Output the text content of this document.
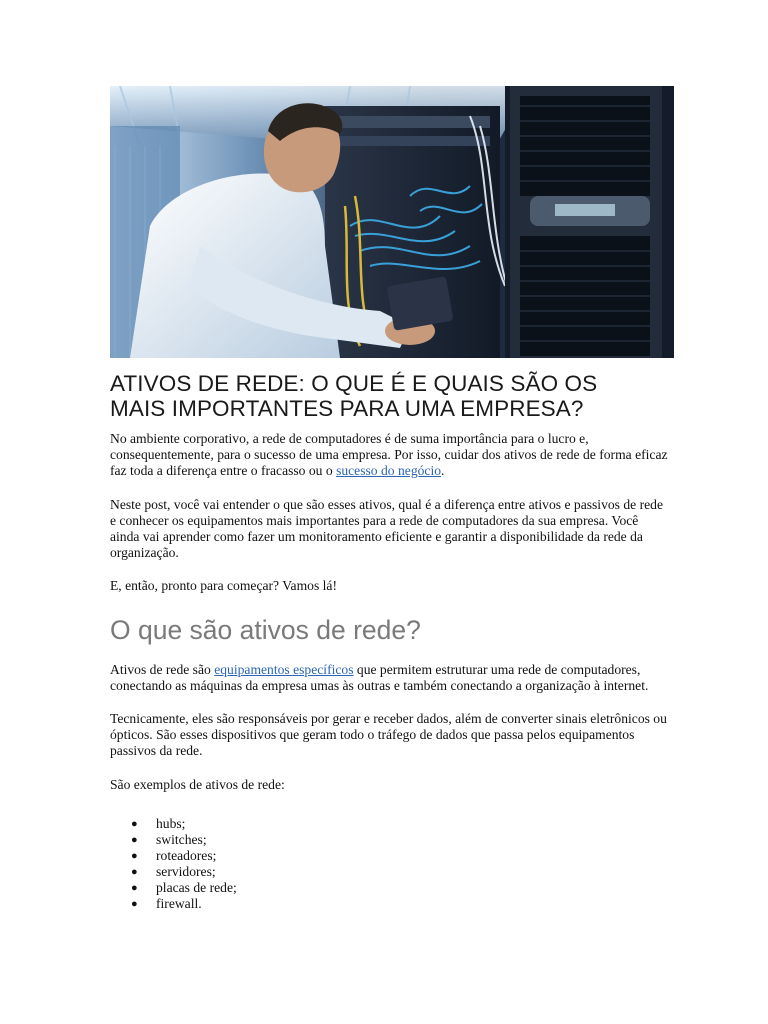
ATIVOS DE REDE: O QUE É E QUAIS SÃO OS
MAIS IMPORTANTES PARA UMA EMPRESA?

No ambiente corporativo, a rede de computadores é de suma importância para o lucro e, consequentemente, para o sucesso de uma empresa. Por isso, cuidar dos ativos de rede de forma eficaz faz toda a diferença entre o fracasso ou o sucesso do negócio.

Neste post, você vai entender o que são esses ativos, qual é a diferença entre ativos e passivos de rede e conhecer os equipamentos mais importantes para a rede de computadores da sua empresa. Você ainda vai aprender como fazer um monitoramento eficiente e garantir a disponibilidade da rede da organização.

E, então, pronto para começar? Vamos lá!

O que são ativos de rede?

Ativos de rede são equipamentos específicos que permitem estruturar uma rede de computadores, conectando as máquinas da empresa umas às outras e também conectando a organização à internet.

Tecnicamente, eles são responsáveis por gerar e receber dados, além de converter sinais eletrônicos ou ópticos. São esses dispositivos que geram todo o tráfego de dados que passa pelos equipamentos passivos da rede.

São exemplos de ativos de rede:

● hubs;
● switches;
● roteadores;
● servidores;
● placas de rede;
● firewall.
